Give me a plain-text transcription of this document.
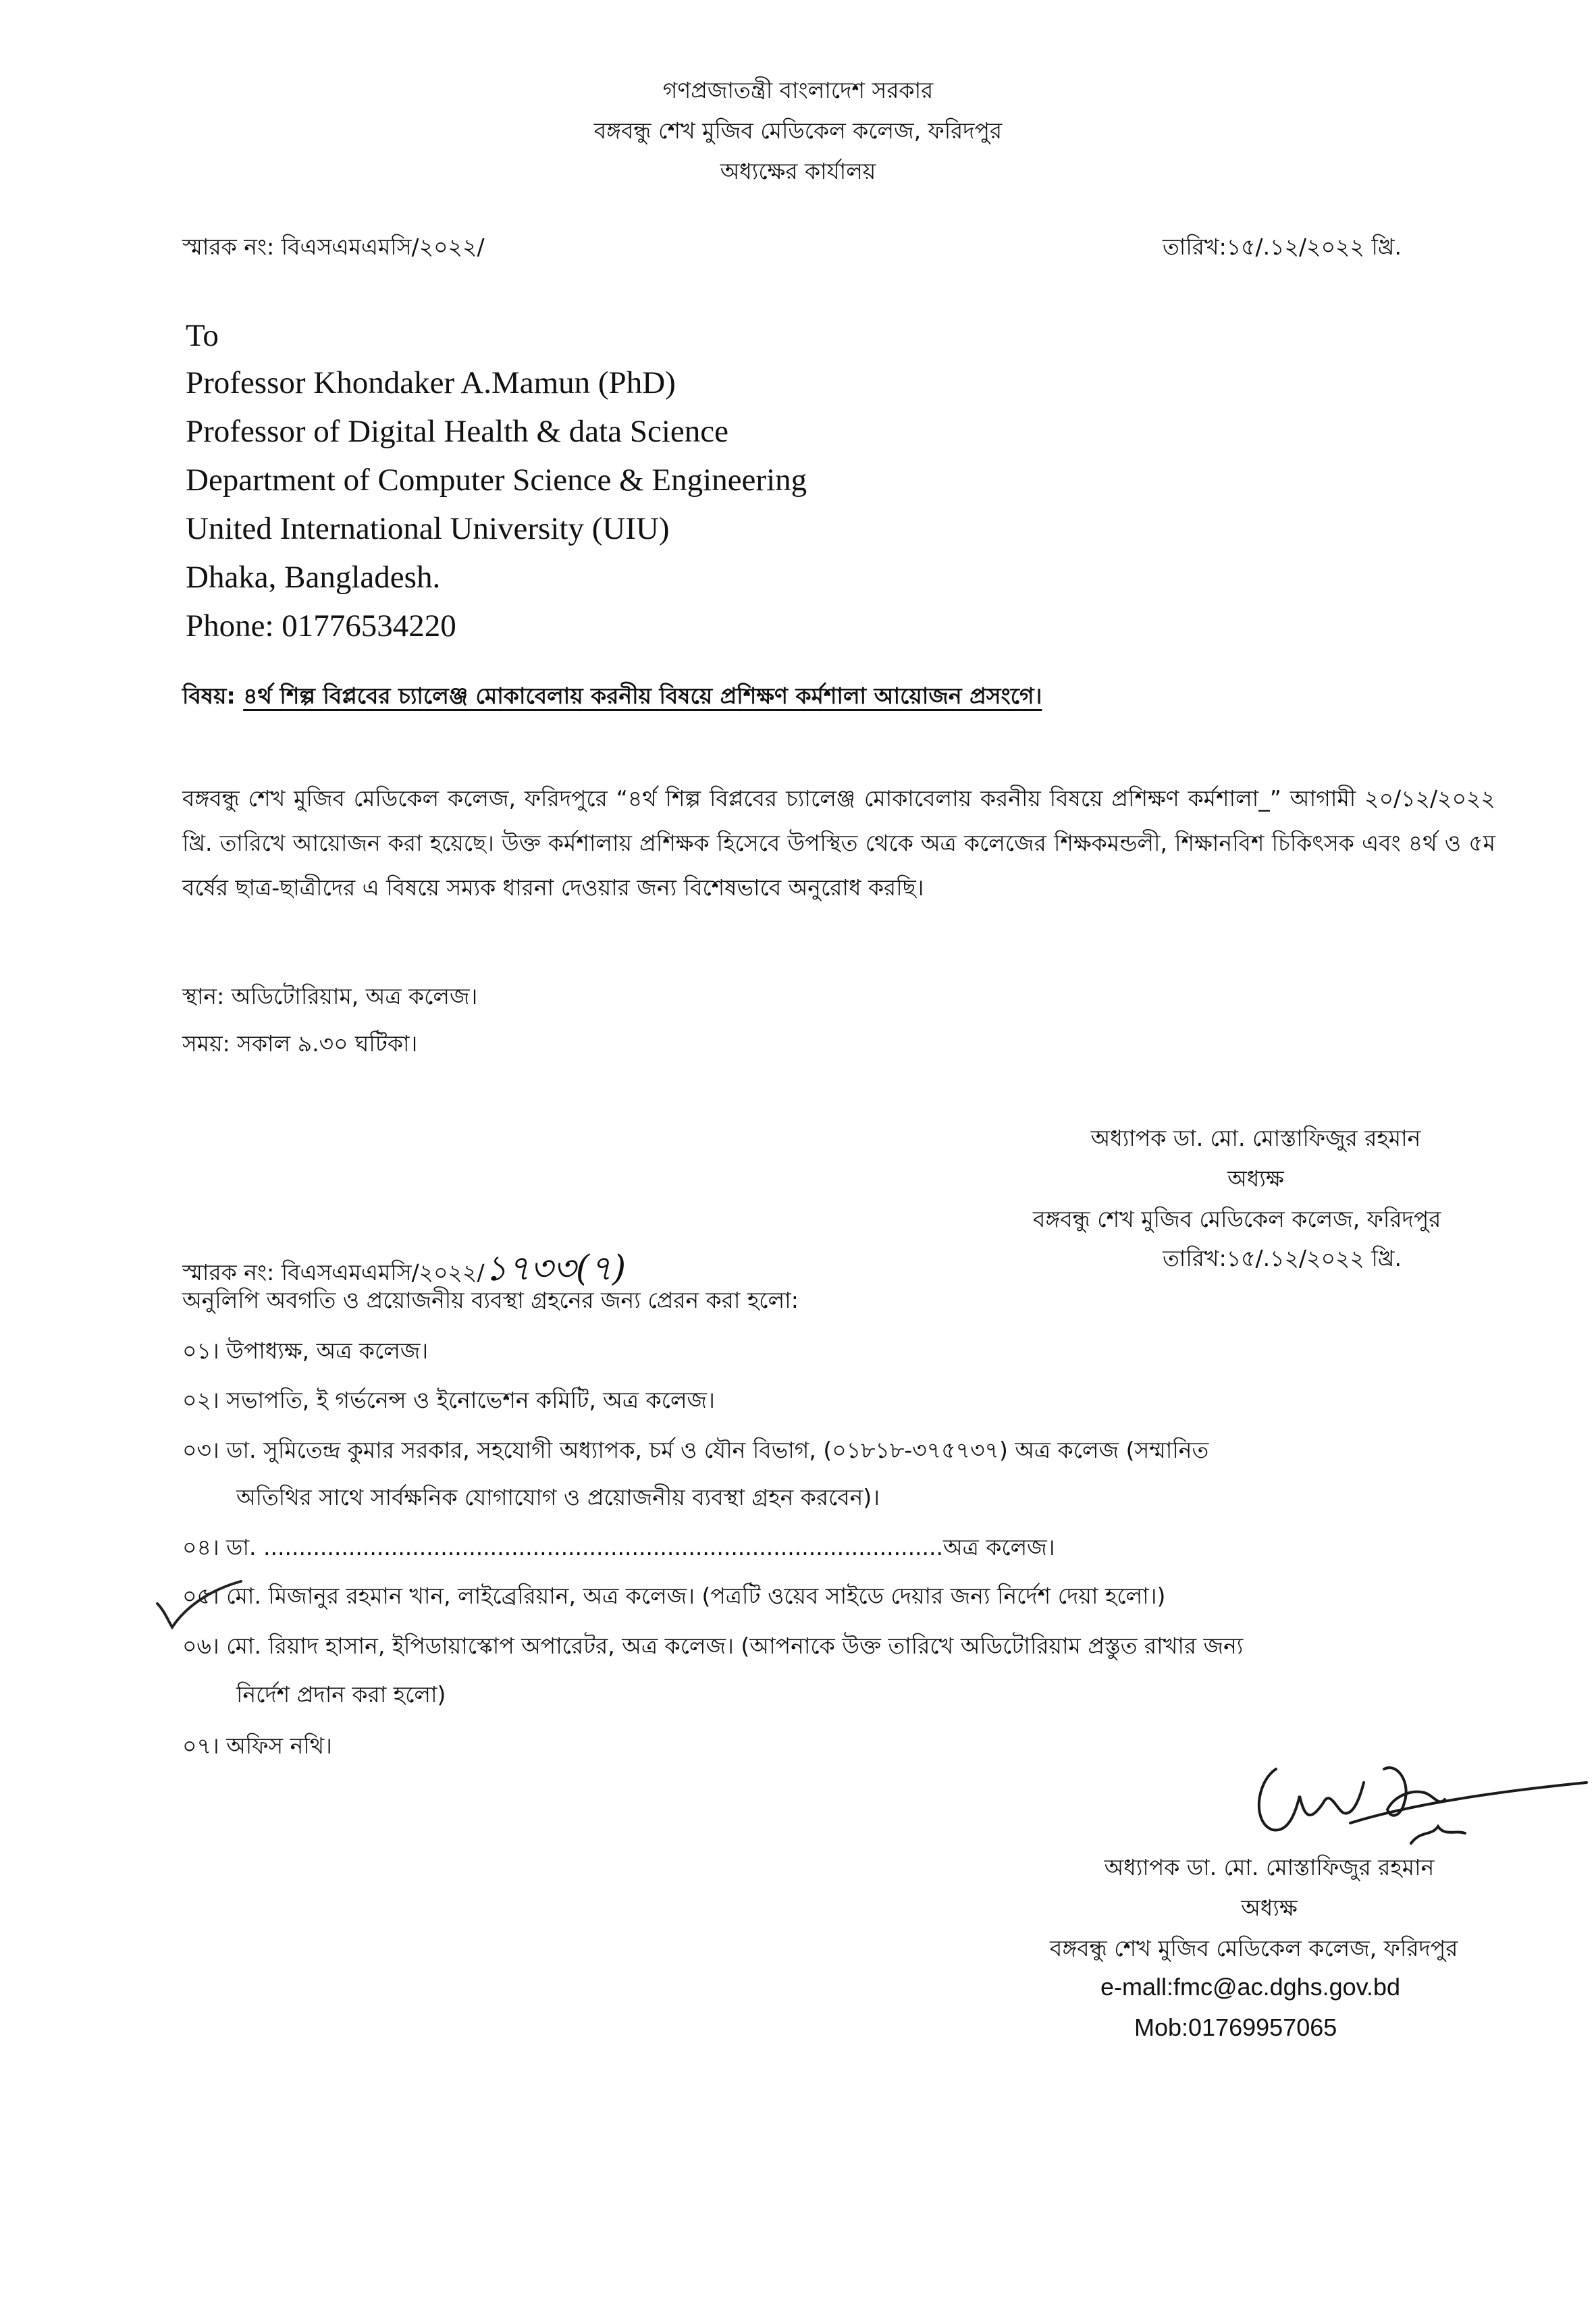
গণপ্রজাতন্ত্রী বাংলাদেশ সরকার
বঙ্গবন্ধু শেখ মুজিব মেডিকেল কলেজ, ফরিদপুর
অধ্যক্ষের কার্যালয়
স্মারক নং: বিএসএমএমসি/২০২২/	তারিখ:১৫/.১২/২০২২ খ্রি.
To
Professor Khondaker A.Mamun (PhD)
Professor of Digital Health & data Science
Department of Computer Science & Engineering
United International University (UIU)
Dhaka, Bangladesh.
Phone: 01776534220
বিষয়: ৪র্থ শিল্প বিপ্লবের চ্যালেঞ্জ মোকাবেলায় করনীয় বিষয়ে প্রশিক্ষণ কর্মশালা আয়োজন প্রসংগে।
বঙ্গবন্ধু শেখ মুজিব মেডিকেল কলেজ, ফরিদপুরে “৪র্থ শিল্প বিপ্লবের চ্যালেঞ্জ মোকাবেলায় করনীয় বিষয়ে প্রশিক্ষণ কর্মশালা_” আগামী ২০/১২/২০২২ খ্রি. তারিখে আয়োজন করা হয়েছে। উক্ত কর্মশালায় প্রশিক্ষক হিসেবে উপস্থিত থেকে অত্র কলেজের শিক্ষকমন্ডলী, শিক্ষানবিশ চিকিৎসক এবং ৪র্থ ও ৫ম বর্ষের ছাত্র-ছাত্রীদের এ বিষয়ে সম্যক ধারনা দেওয়ার জন্য বিশেষভাবে অনুরোধ করছি।
স্থান: অডিটোরিয়াম, অত্র কলেজ।
সময়: সকাল ৯.৩০ ঘটিকা।
অধ্যাপক ডা. মো. মোস্তাফিজুর রহমান
অধ্যক্ষ
বঙ্গবন্ধু শেখ মুজিব মেডিকেল কলেজ, ফরিদপুর
স্মারক নং: বিএসএমএমসি/২০২২/১৭৩৩(৭)	তারিখ:১৫/.১২/২০২২ খ্রি.
অনুলিপি অবগতি ও প্রয়োজনীয় ব্যবস্থা গ্রহনের জন্য প্রেরন করা হলো:
০১। উপাধ্যক্ষ, অত্র কলেজ।
০২। সভাপতি, ই গর্ভনেন্স ও ইনোভেশন কমিটি, অত্র কলেজ।
০৩। ডা. সুমিতেন্দ্র কুমার সরকার, সহযোগী অধ্যাপক, চর্ম ও যৌন বিভাগ, (০১৮১৮-৩৭৫৭৩৭) অত্র কলেজ (সম্মানিত
অতিথির সাথে সার্বক্ষনিক যোগাযোগ ও প্রয়োজনীয় ব্যবস্থা গ্রহন করবেন)।
০৪। ডা. ................................................................................................অত্র কলেজ।
০৫। মো. মিজানুর রহমান খান, লাইব্রেরিয়ান, অত্র কলেজ। (পত্রটি ওয়েব সাইডে দেয়ার জন্য নির্দেশ দেয়া হলো।)
০৬। মো. রিয়াদ হাসান, ইপিডায়াস্কোপ অপারেটর, অত্র কলেজ। (আপনাকে উক্ত তারিখে অডিটোরিয়াম প্রস্তুত রাখার জন্য
নির্দেশ প্রদান করা হলো)
০৭। অফিস নথি।
অধ্যাপক ডা. মো. মোস্তাফিজুর রহমান
অধ্যক্ষ
বঙ্গবন্ধু শেখ মুজিব মেডিকেল কলেজ, ফরিদপুর
e-mall:fmc@ac.dghs.gov.bd
Mob:01769957065
